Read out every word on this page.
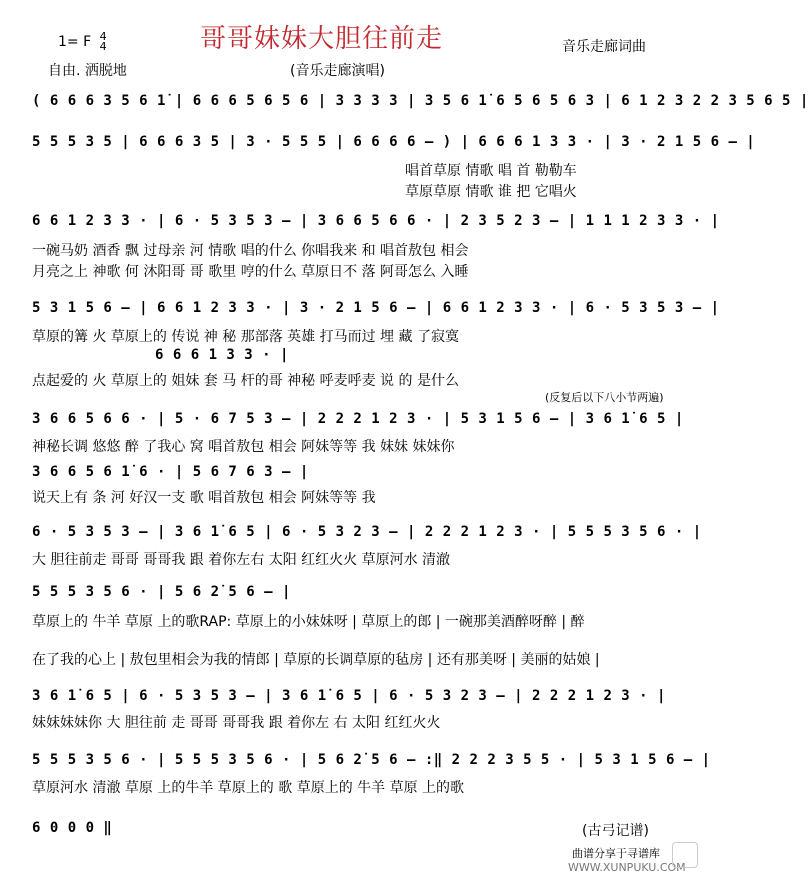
1= F 4
4
自由. 洒脱地
哥哥妹妹大胆往前走	音乐走廊词曲
(音乐走廊演唱)
( 6 6 6 3 5 6 1̇ | 6 6 6 5 6 5 6 | 3 3 3 3 | 3 5 6 1̇ 6 5 6 5 6 3 | 6 1 2 3 2 2 3 5 6 5 |
5 5 5 3 5 | 6 6 6 3 5 | 3 · 5 5 5 | 6 6 6 6 – ) | 6 6 6 1 3 3 · | 3 · 2 1 5 6 – |
唱首草原 情歌 唱 首 勒勒车
草原草原 情歌 谁 把 它唱火
6 6 1 2 3 3 · | 6 · 5 3 5 3 – | 3 6 6 5 6 6 · | 2 3 5 2 3 – | 1 1 1 2 3 3 · |
一碗马奶 酒香 飘 过母亲 河 情歌 唱的什么 你唱我来 和 唱首敖包 相会
月亮之上 神歌 何 沐阳哥 哥 歌里 哼的什么 草原日不 落 阿哥怎么 入睡
5 3 1 5 6 – | 6 6 1 2 3 3 · | 3 · 2 1 5 6 – | 6 6 1 2 3 3 · | 6 · 5 3 5 3 – |
草原的篝 火 草原上的 传说 神 秘 那部落 英雄 打马而过 埋 藏 了寂寞
6 6 6 1 3 3 · |
点起爱的 火 草原上的 姐妹 套 马 杆的哥 神秘 呼麦呼麦 说 的 是什么
(反复后以下八小节两遍)
3 6 6 5 6 6 · | 5 · 6 7 5 3 – | 2 2 2 1 2 3 · | 5 3 1 5 6 – | 3 6 1̇ 6 5 |
神秘长调 悠悠 醉 了我心 窝 唱首敖包 相会 阿妹等等 我 妹妹 妹妹你
3 6 6 5 6 1̇ 6 · | 5 6 7 6 3 – |
说天上有 条 河 好汉一支 歌 唱首敖包 相会 阿妹等等 我
6 · 5 3 5 3 – | 3 6 1̇ 6 5 | 6 · 5 3 2 3 – | 2 2 2 1 2 3 · | 5 5 5 3 5 6 · |
大 胆往前走 哥哥 哥哥我 跟 着你左右 太阳 红红火火 草原河水 清澈
5 5 5 3 5 6 · | 5 6 2̇ 5 6 – |
草原上的 牛羊 草原 上的歌RAP: 草原上的小妹妹呀 | 草原上的郎 | 一碗那美酒醉呀醉 | 醉
在了我的心上 | 敖包里相会为我的情郎 | 草原的长调草原的毡房 | 还有那美呀 | 美丽的姑娘 |
3 6 1̇ 6 5 | 6 · 5 3 5 3 – | 3 6 1̇ 6 5 | 6 · 5 3 2 3 – | 2 2 2 1 2 3 · |
妹妹妹妹你 大 胆往前 走 哥哥 哥哥我 跟 着你左 右 太阳 红红火火
5 5 5 3 5 6 · | 5 5 5 3 5 6 · | 5 6 2̇ 5 6 – :‖ 2 2 2 3 5 5 · | 5 3 1 5 6 – |
草原河水 清澈 草原 上的牛羊 草原上的 歌 草原上的 牛羊 草原 上的歌
6 0 0 0 ‖	(古弓记谱)
曲谱分享于寻谱库
WWW.XUNPUKU.COM
